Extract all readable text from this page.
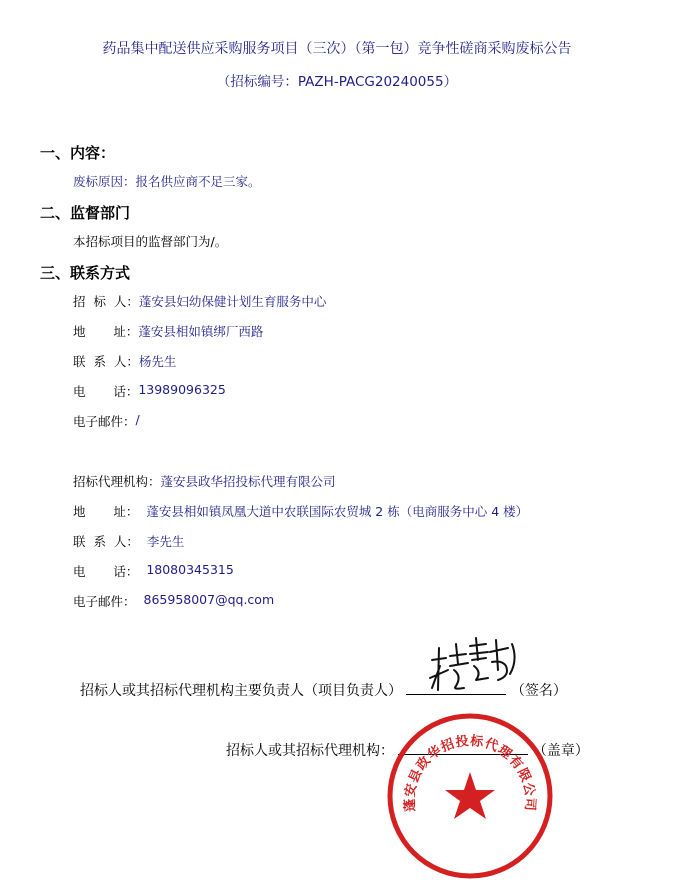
药品集中配送供应采购服务项目（三次）（第一包）竞争性磋商采购废标公告
（招标编号：PAZH-PACG20240055）
一、内容：
废标原因： 报名供应商不足三家。
二、监督部门
本招标项目的监督部门为/。
三、联系方式
招  标  人： 蓬安县妇幼保健计划生育服务中心
地       址： 蓬安县相如镇绑厂西路
联  系  人： 杨先生
电       话： 13989096325
电子邮件： /
招标代理机构： 蓬安县政华招投标代理有限公司
地       址： 蓬安县相如镇凤凰大道中农联国际农贸城 2 栋（电商服务中心 4 楼）
联  系  人： 李先生
电       话： 18080345315
电子邮件： 865958007@qq.com
招标人或其招标代理机构主要负责人（项目负责人）	（签名）
招标人或其招标代理机构：	（盖章）
蓬安县政华招投标代理有限公司
